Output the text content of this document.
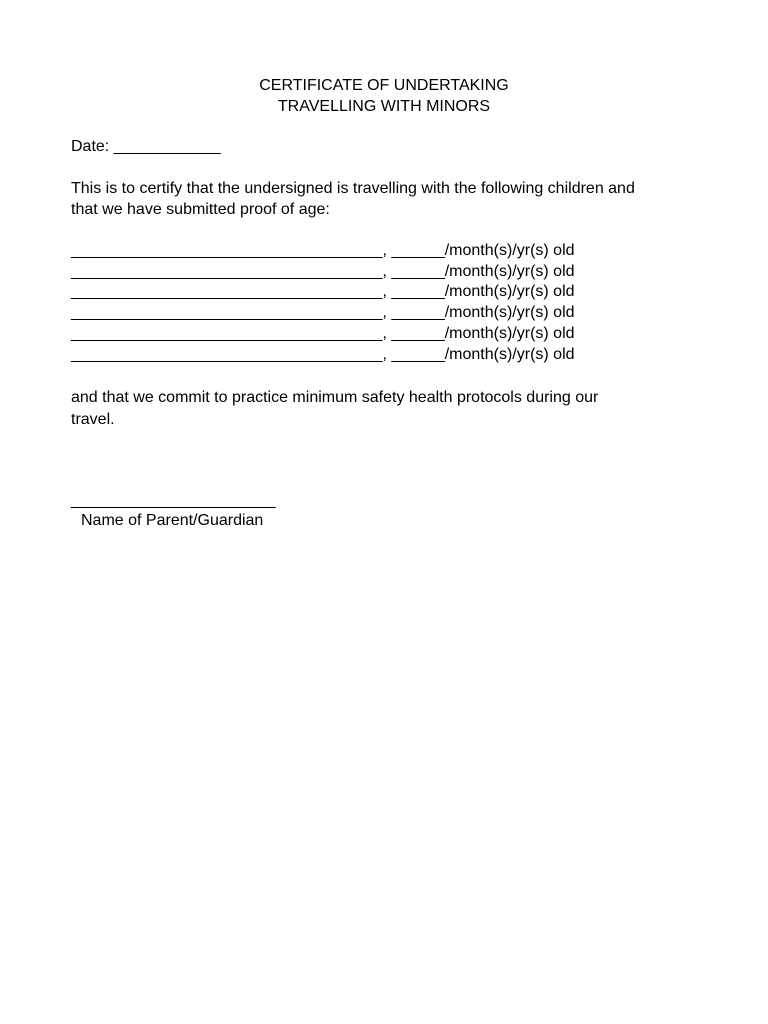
CERTIFICATE OF UNDERTAKING
TRAVELLING WITH MINORS
Date: ____________
This is to certify that the undersigned is travelling with the following children and
that we have submitted proof of age:
___________________________________, ______/month(s)/yr(s) old
___________________________________, ______/month(s)/yr(s) old
___________________________________, ______/month(s)/yr(s) old
___________________________________, ______/month(s)/yr(s) old
___________________________________, ______/month(s)/yr(s) old
___________________________________, ______/month(s)/yr(s) old
and that we commit to practice minimum safety health protocols during our
travel.
_______________________
Name of Parent/Guardian
